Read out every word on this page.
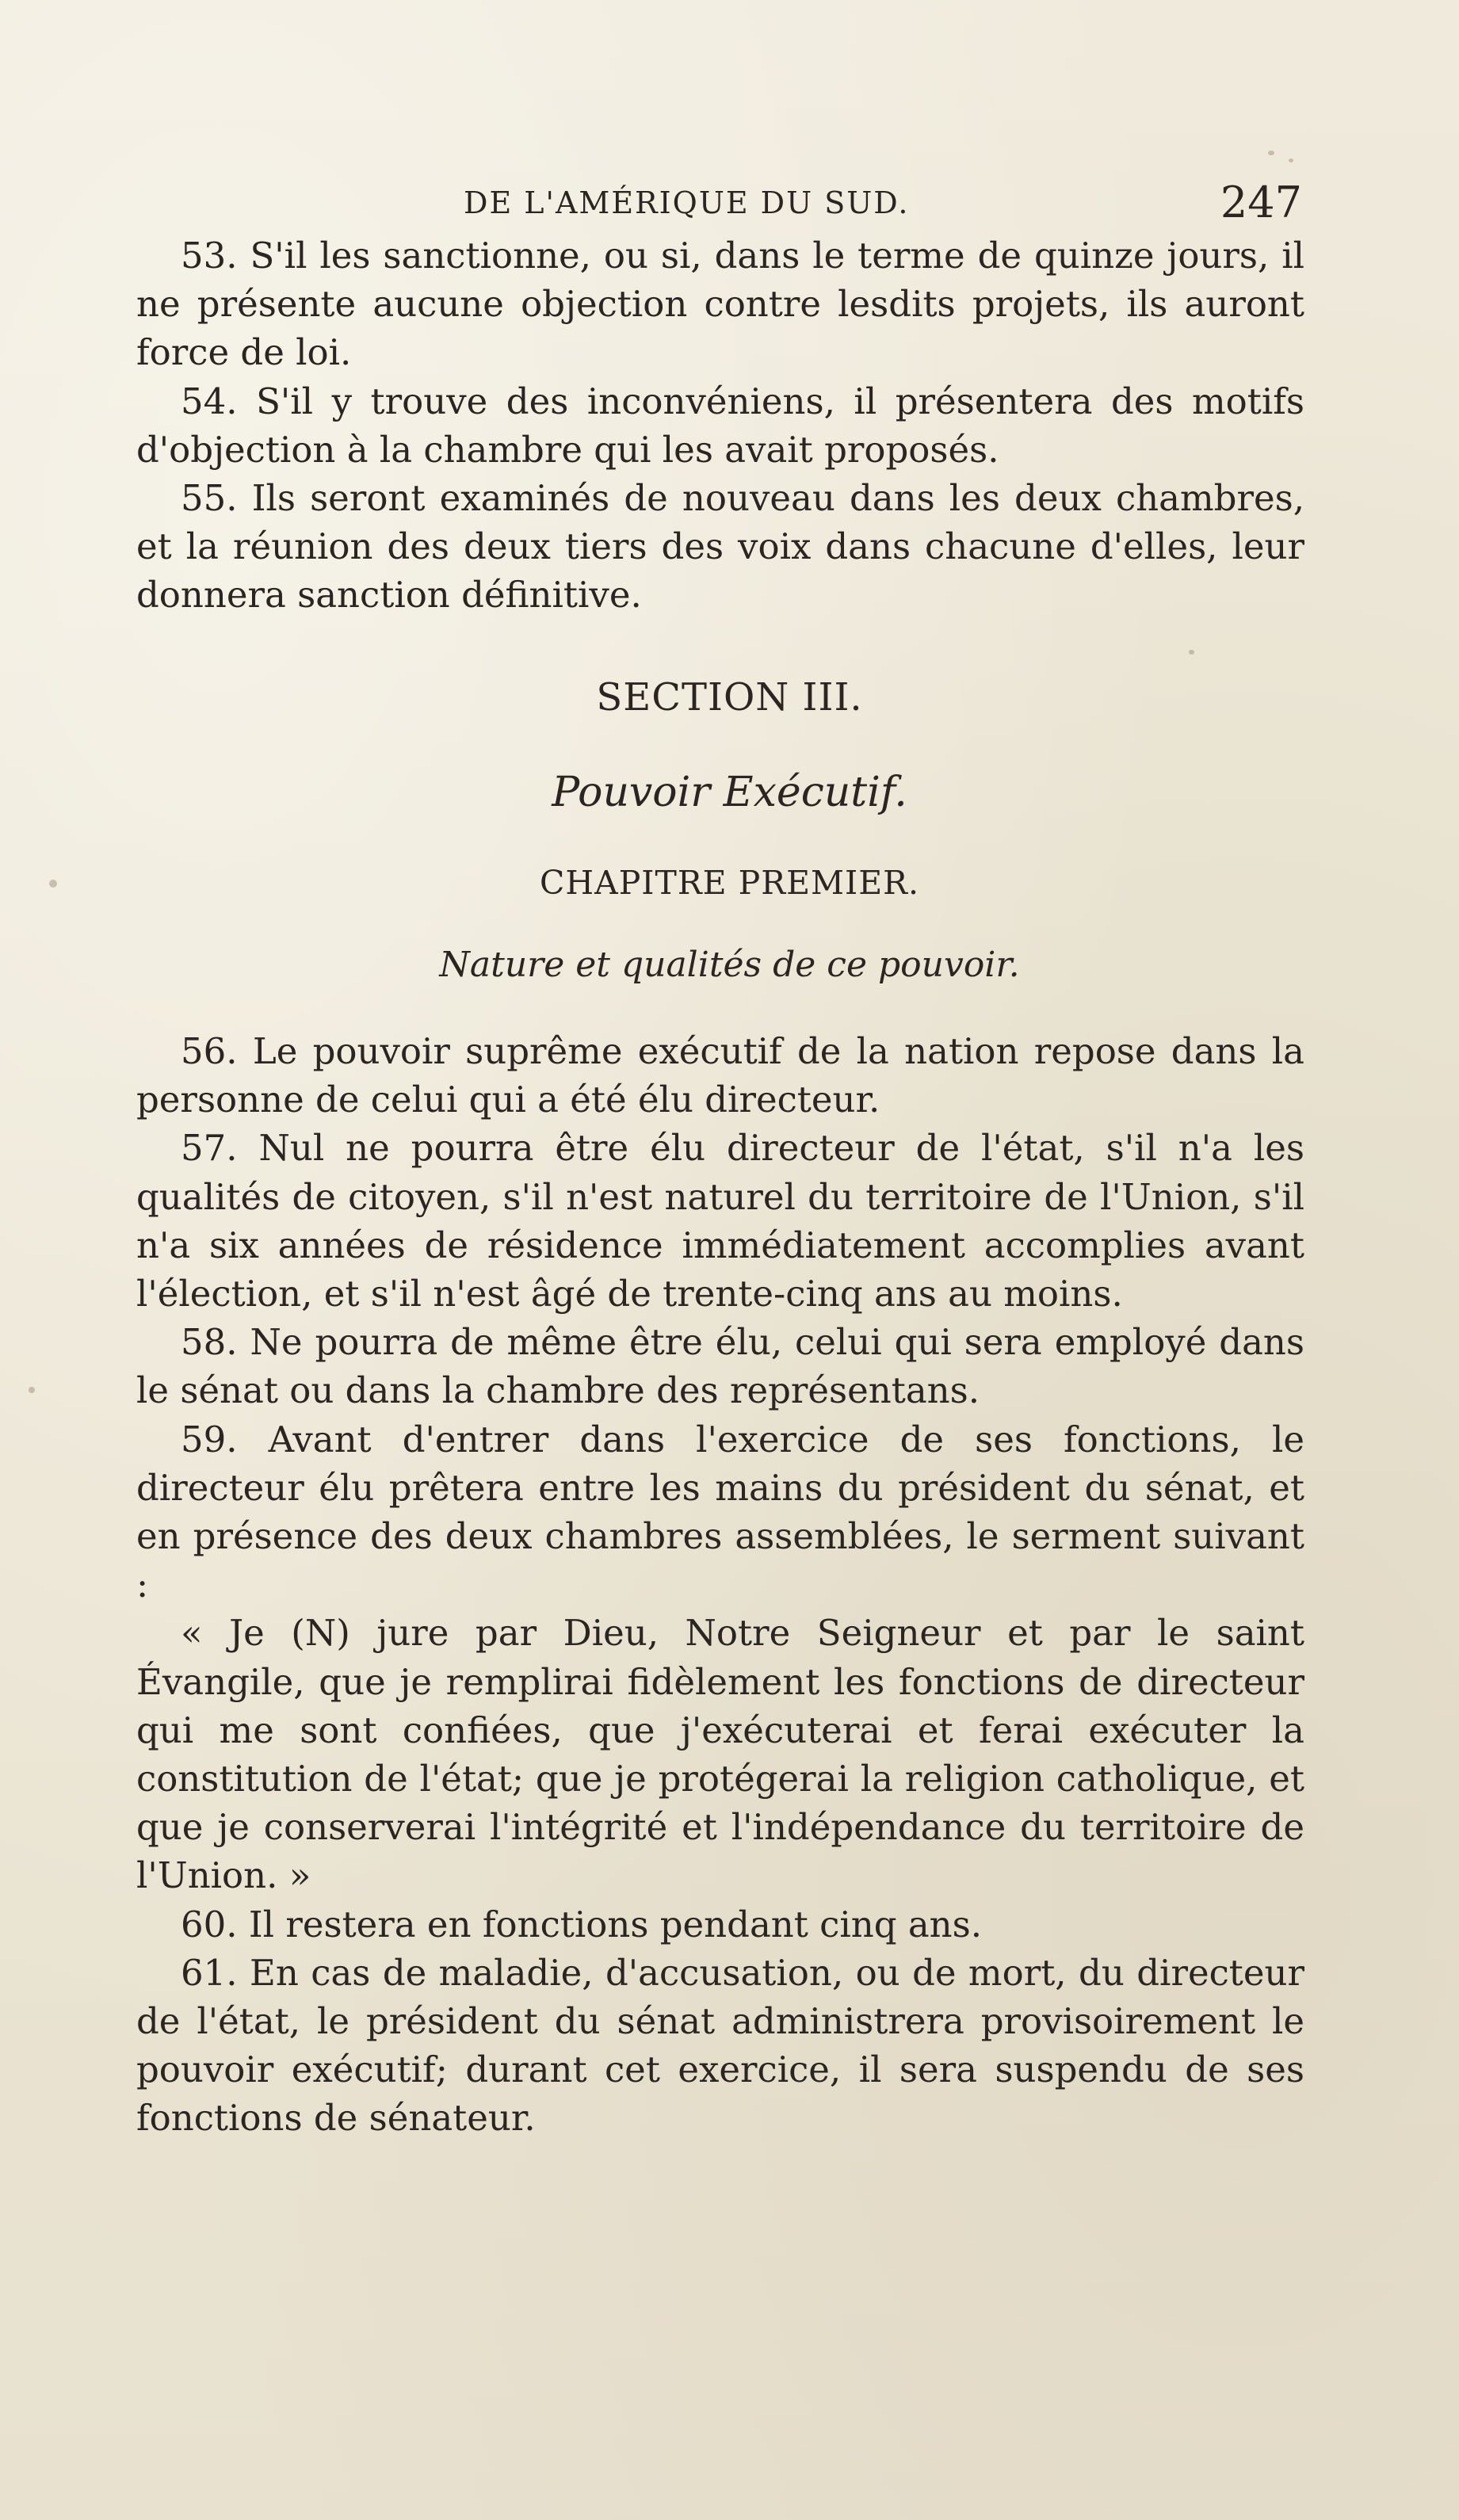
DE L'AMÉRIQUE DU SUD.	247

53. S'il les sanctionne, ou si, dans le terme de quinze jours, il ne présente aucune objection contre lesdits projets, ils auront force de loi.

54. S'il y trouve des inconvéniens, il présentera des motifs d'objection à la chambre qui les avait proposés.

55. Ils seront examinés de nouveau dans les deux chambres, et la réunion des deux tiers des voix dans chacune d'elles, leur donnera sanction définitive.

SECTION III.
Pouvoir Exécutif.
CHAPITRE PREMIER.
Nature et qualités de ce pouvoir.

56. Le pouvoir suprême exécutif de la nation repose dans la personne de celui qui a été élu directeur.

57. Nul ne pourra être élu directeur de l'état, s'il n'a les qualités de citoyen, s'il n'est naturel du territoire de l'Union, s'il n'a six années de résidence immédiatement accomplies avant l'élection, et s'il n'est âgé de trente-cinq ans au moins.

58. Ne pourra de même être élu, celui qui sera employé dans le sénat ou dans la chambre des représentans.

59. Avant d'entrer dans l'exercice de ses fonctions, le directeur élu prêtera entre les mains du président du sénat, et en présence des deux chambres assemblées, le serment suivant :

« Je (N) jure par Dieu, Notre Seigneur et par le saint Évangile, que je remplirai fidèlement les fonctions de directeur qui me sont confiées, que j'exécuterai et ferai exécuter la constitution de l'état; que je protégerai la religion catholique, et que je conserverai l'intégrité et l'indépendance du territoire de l'Union. »

60. Il restera en fonctions pendant cinq ans.

61. En cas de maladie, d'accusation, ou de mort, du directeur de l'état, le président du sénat administrera provisoirement le pouvoir exécutif; durant cet exercice, il sera suspendu de ses fonctions de sénateur.
